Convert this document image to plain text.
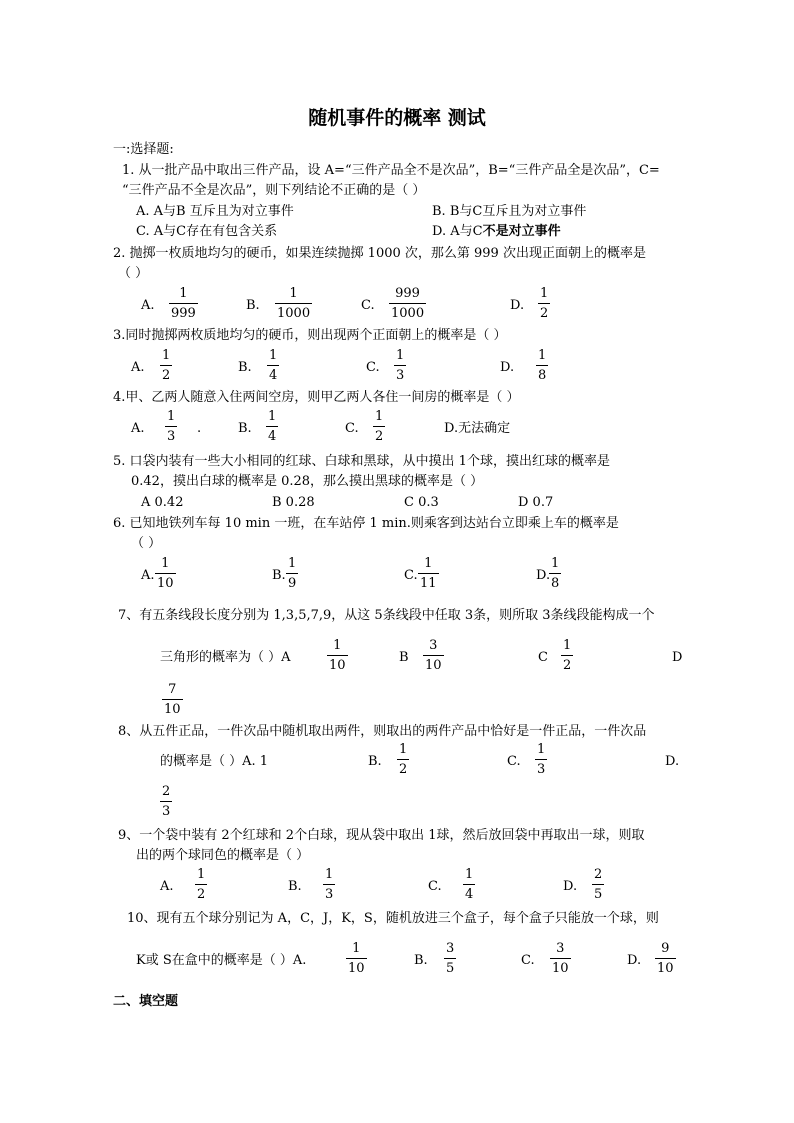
随机事件的概率 测试
一:选择题:
1. 从一批产品中取出三件产品，设 A=“三件产品全不是次品”，B=“三件产品全是次品”，C=
“三件产品不全是次品”，则下列结论不正确的是（ ）
A. A与B 互斥且为对立事件	B. B与C互斥且为对立事件
C. A与C存在有包含关系	D. A与C不是对立事件
2. 抛掷一枚质地均匀的硬币，如果连续抛掷 1000 次，那么第 999 次出现正面朝上的概率是
（ ）
A.
1
999
B.
1
1000
C.
999
1000
D.
1
2
3.同时抛掷两枚质地均匀的硬币，则出现两个正面朝上的概率是（ ）
A.
1
2
B.
1
4
C.
1
3
D.
1
8
4.甲、乙两人随意入住两间空房，则甲乙两人各住一间房的概率是（ ）
A.
1
3
.	B.
1
4
C.
1
2
D.无法确定
5. 口袋内装有一些大小相同的红球、白球和黑球，从中摸出 1个球，摸出红球的概率是
0.42，摸出白球的概率是 0.28，那么摸出黑球的概率是（ ）
A 0.42	B 0.28	C 0.3	D 0.7
6. 已知地铁列车每 10 min 一班，在车站停 1 min.则乘客到达站台立即乘上车的概率是
（ ）
A.
1
10
B.
1
9
C.
1
11
D.
1
8
7、有五条线段长度分别为 1,3,5,7,9，从这 5条线段中任取 3条，则所取 3条线段能构成一个
三角形的概率为（ ）A
1
10
B
3
10
C
1
2
D
7
10
8、从五件正品，一件次品中随机取出两件，则取出的两件产品中恰好是一件正品，一件次品
的概率是（ ）A. 1	B.
1
2
C.
1
3
D.
2
3
9、一个袋中装有 2个红球和 2个白球，现从袋中取出 1球，然后放回袋中再取出一球，则取
出的两个球同色的概率是（ ）
A.
1
2
B.
1
3
C.
1
4
D.
2
5
10、现有五个球分别记为 A，C，J，K，S，随机放进三个盒子，每个盒子只能放一个球，则
K或 S在盒中的概率是（ ）A.
1
10
B.
3
5
C.
3
10
D.
9
10
二、填空题
